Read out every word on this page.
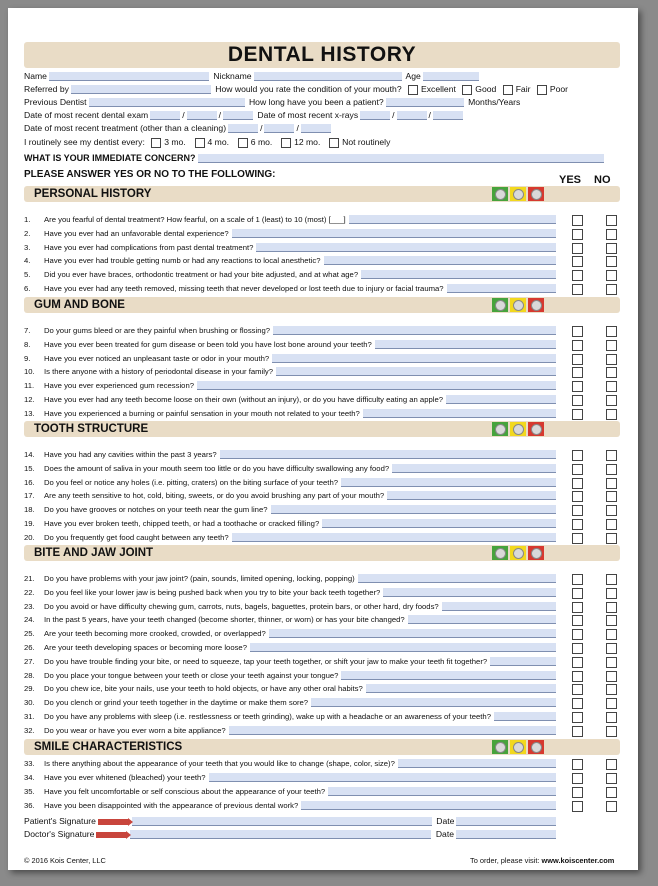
DENTAL HISTORY
Name	Nickname	Age
Referred by	How would you rate the condition of your mouth? Excellent Good Fair Poor
Previous Dentist	How long have you been a patient?	Months/Years
Date of most recent dental exam	/	/	Date of most recent x-rays	/	/
Date of most recent treatment (other than a cleaning)	/	/
I routinely see my dentist every: 3 mo.	4 mo.	6 mo.	12 mo.	Not routinely
WHAT IS YOUR IMMEDIATE CONCERN?
PLEASE ANSWER YES OR NO TO THE FOLLOWING:	YES NO
PERSONAL HISTORY
1.	Are you fearful of dental treatment? How fearful, on a scale of 1 (least) to 10 (most) [___]
2.	Have you ever had an unfavorable dental experience?
3.	Have you ever had complications from past dental treatment?
4.	Have you ever had trouble getting numb or had any reactions to local anesthetic?
5.	Did you ever have braces, orthodontic treatment or had your bite adjusted, and at what age?
6.	Have you ever had any teeth removed, missing teeth that never developed or lost teeth due to injury or facial trauma?
GUM AND BONE
7.	Do your gums bleed or are they painful when brushing or flossing?
8.	Have you ever been treated for gum disease or been told you have lost bone around your teeth?
9.	Have you ever noticed an unpleasant taste or odor in your mouth?
10.	Is there anyone with a history of periodontal disease in your family?
11.	Have you ever experienced gum recession?
12.	Have you ever had any teeth become loose on their own (without an injury), or do you have difficulty eating an apple?
13.	Have you experienced a burning or painful sensation in your mouth not related to your teeth?
TOOTH STRUCTURE
14.	Have you had any cavities within the past 3 years?
15.	Does the amount of saliva in your mouth seem too little or do you have difficulty swallowing any food?
16.	Do you feel or notice any holes (i.e. pitting, craters) on the biting surface of your teeth?
17.	Are any teeth sensitive to hot, cold, biting, sweets, or do you avoid brushing any part of your mouth?
18.	Do you have grooves or notches on your teeth near the gum line?
19.	Have you ever broken teeth, chipped teeth, or had a toothache or cracked filling?
20.	Do you frequently get food caught between any teeth?
BITE AND JAW JOINT
21.	Do you have problems with your jaw joint? (pain, sounds, limited opening, locking, popping)
22.	Do you feel like your lower jaw is being pushed back when you try to bite your back teeth together?
23.	Do you avoid or have difficulty chewing gum, carrots, nuts, bagels, baguettes, protein bars, or other hard, dry foods?
24.	In the past 5 years, have your teeth changed (become shorter, thinner, or worn) or has your bite changed?
25.	Are your teeth becoming more crooked, crowded, or overlapped?
26.	Are your teeth developing spaces or becoming more loose?
27.	Do you have trouble finding your bite, or need to squeeze, tap your teeth together, or shift your jaw to make your teeth fit together?
28.	Do you place your tongue between your teeth or close your teeth against your tongue?
29.	Do you chew ice, bite your nails, use your teeth to hold objects, or have any other oral habits?
30.	Do you clench or grind your teeth together in the daytime or make them sore?
31.	Do you have any problems with sleep (i.e. restlessness or teeth grinding), wake up with a headache or an awareness of your teeth?
32.	Do you wear or have you ever worn a bite appliance?
SMILE CHARACTERISTICS
33.	Is there anything about the appearance of your teeth that you would like to change (shape, color, size)?
34.	Have you ever whitened (bleached) your teeth?
35.	Have you felt uncomfortable or self conscious about the appearance of your teeth?
36.	Have you been disappointed with the appearance of previous dental work?
Patient's Signature	Date
Doctor's Signature	Date
© 2016 Kois Center, LLC	To order, please visit: www.koiscenter.com
